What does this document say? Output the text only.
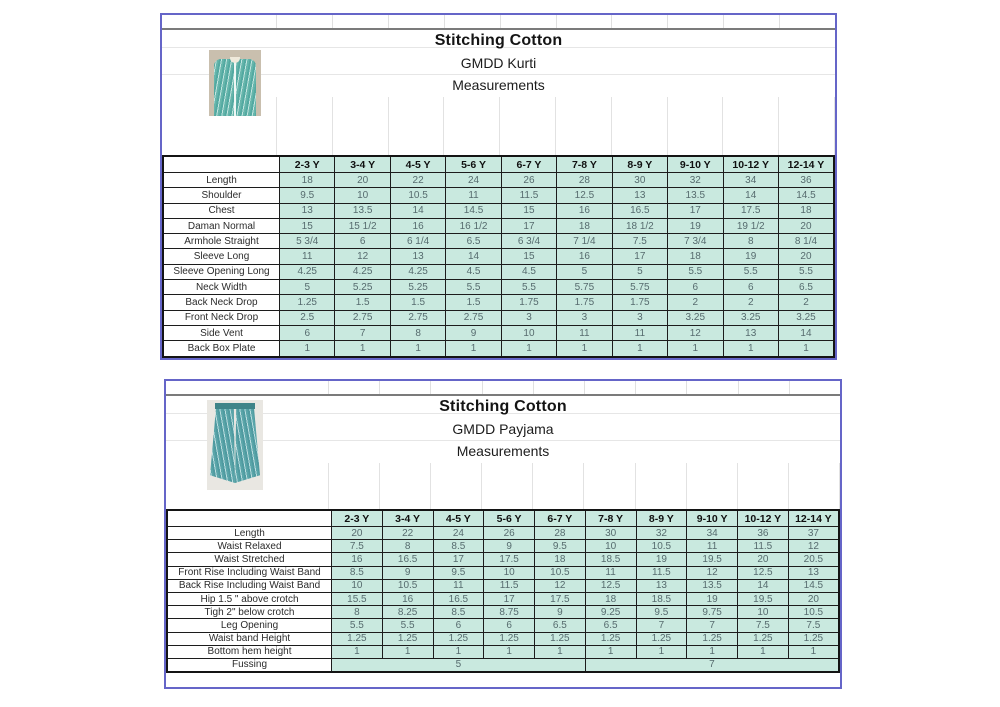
Stitching Cotton
GMDD Kurti
Measurements
	2-3 Y	3-4 Y	4-5 Y	5-6 Y	6-7 Y	7-8 Y	8-9 Y	9-10 Y	10-12 Y	12-14 Y
Length	18	20	22	24	26	28	30	32	34	36
Shoulder	9.5	10	10.5	11	11.5	12.5	13	13.5	14	14.5
Chest	13	13.5	14	14.5	15	16	16.5	17	17.5	18
Daman Normal	15	15 1/2	16	16 1/2	17	18	18 1/2	19	19 1/2	20
Armhole Straight	5 3/4	6	6 1/4	6.5	6 3/4	7 1/4	7.5	7 3/4	8	8 1/4
Sleeve Long	11	12	13	14	15	16	17	18	19	20
Sleeve Opening Long	4.25	4.25	4.25	4.5	4.5	5	5	5.5	5.5	5.5
Neck Width	5	5.25	5.25	5.5	5.5	5.75	5.75	6	6	6.5
Back Neck Drop	1.25	1.5	1.5	1.5	1.75	1.75	1.75	2	2	2
Front Neck Drop	2.5	2.75	2.75	2.75	3	3	3	3.25	3.25	3.25
Side Vent	6	7	8	9	10	11	11	12	13	14
Back Box Plate	1	1	1	1	1	1	1	1	1	1
Stitching Cotton
GMDD Payjama
Measurements
	2-3 Y	3-4 Y	4-5 Y	5-6 Y	6-7 Y	7-8 Y	8-9 Y	9-10 Y	10-12 Y	12-14 Y
Length	20	22	24	26	28	30	32	34	36	37
Waist Relaxed	7.5	8	8.5	9	9.5	10	10.5	11	11.5	12
Waist Stretched	16	16.5	17	17.5	18	18.5	19	19.5	20	20.5
Front Rise Including Waist Band	8.5	9	9.5	10	10.5	11	11.5	12	12.5	13
Back Rise Including Waist Band	10	10.5	11	11.5	12	12.5	13	13.5	14	14.5
Hip 1.5 " above crotch	15.5	16	16.5	17	17.5	18	18.5	19	19.5	20
Tigh 2" below crotch	8	8.25	8.5	8.75	9	9.25	9.5	9.75	10	10.5
Leg Opening	5.5	5.5	6	6	6.5	6.5	7	7	7.5	7.5
Waist band Height	1.25	1.25	1.25	1.25	1.25	1.25	1.25	1.25	1.25	1.25
Bottom hem height	1	1	1	1	1	1	1	1	1	1
Fussing	5					7				
